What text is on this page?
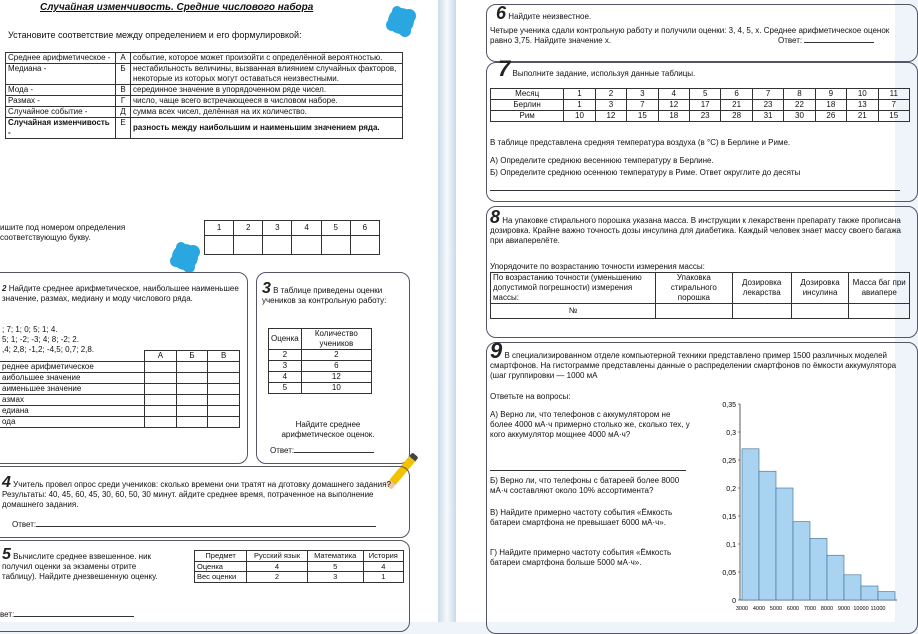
Случайная изменчивость. Средние числового набора
Установите соответствие между определением и его формулировкой:
Среднее арифметическое -	А	событие, которое может произойти с определённой вероятностью.
Медиана -	Б	нестабильность величины, вызванная влиянием случайных факторов, некоторые из которых могут оставаться неизвестными.
Мода -	В	серединное значение в упорядоченном ряде чисел.
Размах -	Г	число, чаще всего встречающееся в числовом наборе.
Случайное событие -	Д	сумма всех чисел, делённая на их количество.
Случайная изменчивость -	Е	разность между наибольшим и наименьшим значением ряда.
ишите под номером определения соответствующую букву.
1	2	3	4	5	6

2 Найдите среднее арифметическое, наибольшее наименьшее значение, размах, медиану и моду числового ряда.
; 7; 1; 0; 5; 1; 4.
5; 1; -2; -3; 4; 8; -2; 2.
,4; 2,8; -1,2; -4,5; 0,7; 2,8.
	А	Б	В
реднее арифметическое			
аибольшее значение			
аименьшее значение			
азмах			
едиана			
ода			
3 В таблице приведены оценки учеников за контрольную работу:
Оценка	Количество учеников
2	2
3	6
4	12
5	10
Найдите среднее арифметическое оценок.
Ответ:
4 Учитель провел опрос среди учеников: сколько времени они тратят на дготовку домашнего задания? Результаты: 40, 45, 60, 45, 30, 60, 50, 30 минут. айдите среднее время, потраченное на выполнение домашнего задания.
Ответ:
5 Вычислите среднее взвешенное. ник получил оценки за экзамены отрите таблицу). Найдите днезвешенную оценку.
вет:
Предмет	Русский язык	Математика	История
Оценка	4	5	4
Вес оценки	2	3	1
6 Найдите неизвестное.
Четыре ученика сдали контрольную работу и получили оценки: 3, 4, 5, х. Среднее арифметическое оценок равно 3,75. Найдите значение х.	Ответ:
7 Выполните задание, используя данные таблицы.
Месяц	1	2	3	4	5	6	7	8	9	10	11
Берлин	1	3	7	12	17	21	23	22	18	13	7
Рим	10	12	15	18	23	28	31	30	26	21	15
В таблице представлена средняя температура воздуха (в °С) в Берлине и Риме.
А) Определите среднюю весеннюю температуру в Берлине.
Б) Определите среднюю осеннюю температуру в Риме. Ответ округлите до десяты
8 На упаковке стирального порошка указана масса. В инструкции к лекарственн препарату также прописана дозировка. Крайне важно точность дозы инсулина для диабетика. Каждый человек знает массу своего багажа при авиаперелёте.
Упорядочите по возрастанию точности измерения массы:
По возрастанию точности (уменьшению допустимой погрешности) измерения массы:	Упаковка стирального порошка	Дозировка лекарства	Дозировка инсулина	Масса баг при авиапере
№				
9 В специализированном отделе компьютерной техники представлено пример 1500 различных моделей смартфонов. На гистограмме представлены данные о распределении смартфонов по ёмкости аккумулятора (шаг группировки — 1000 мА
Ответьте на вопросы:
А) Верно ли, что телефонов с аккумулятором не более 4000 мА·ч примерно столько же, сколько тех, у кого аккумулятор мощнее 4000 мА·ч?
Б) Верно ли, что телефоны с батареей более 8000 мА·ч составляют около 10% ассортимента?
В) Найдите примерно частоту события «Ёмкость батареи смартфона не превышает 6000 мА·ч».
Г) Найдите примерно частоту события «Ёмкость батареи смартфона больше 5000 мА·ч».
0,35
0,3
0,25
0,2
0,15
0,1
0,05
0
3000 4000 5000 6000 7000 8000 9000 10000 11000
